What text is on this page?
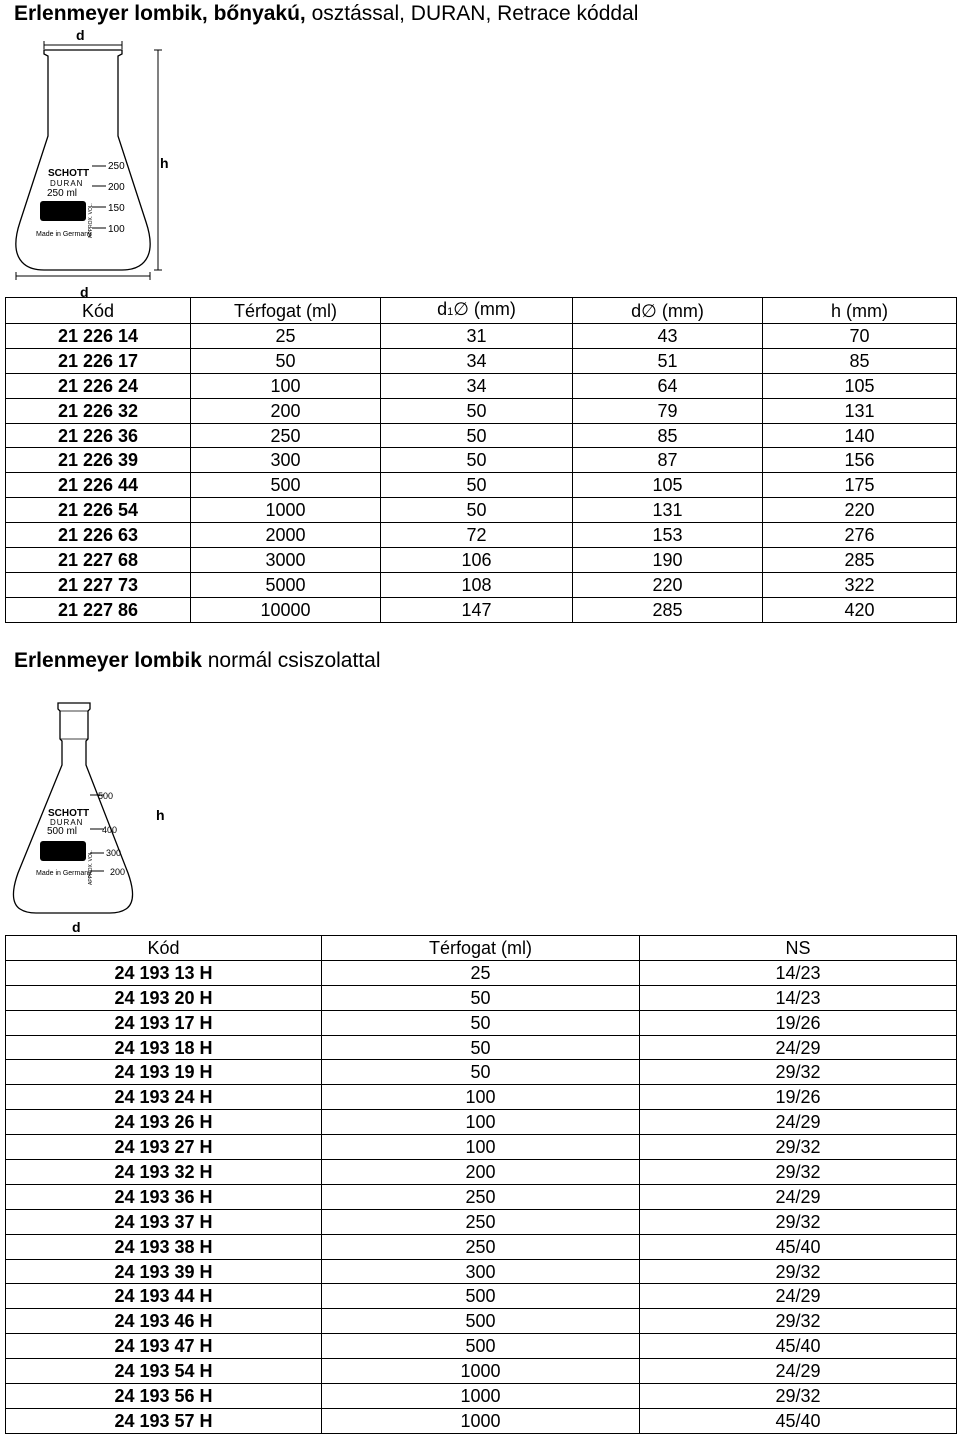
Erlenmeyer lombik, bőnyakú, osztással, DURAN, Retrace kóddal
d
SCHOTT
DURAN
250 ml
Made in Germany
APPROX. VOL.
250
200
150
100
h
d
Kód	Térfogat (ml)	d1∅ (mm)	d∅ (mm)	h (mm)
21 226 14	25	31	43	70
21 226 17	50	34	51	85
21 226 24	100	34	64	105
21 226 32	200	50	79	131
21 226 36	250	50	85	140
21 226 39	300	50	87	156
21 226 44	500	50	105	175
21 226 54	1000	50	131	220
21 226 63	2000	72	153	276
21 227 68	3000	106	190	285
21 227 73	5000	108	220	322
21 227 86	10000	147	285	420
Erlenmeyer lombik normál csiszolattal
SCHOTT
DURAN
500 ml
Made in Germany
APPROX. VOL.
500
400
300
200
h
d
Kód	Térfogat (ml)	NS
24 193 13 H	25	14/23
24 193 20 H	50	14/23
24 193 17 H	50	19/26
24 193 18 H	50	24/29
24 193 19 H	50	29/32
24 193 24 H	100	19/26
24 193 26 H	100	24/29
24 193 27 H	100	29/32
24 193 32 H	200	29/32
24 193 36 H	250	24/29
24 193 37 H	250	29/32
24 193 38 H	250	45/40
24 193 39 H	300	29/32
24 193 44 H	500	24/29
24 193 46 H	500	29/32
24 193 47 H	500	45/40
24 193 54 H	1000	24/29
24 193 56 H	1000	29/32
24 193 57 H	1000	45/40
